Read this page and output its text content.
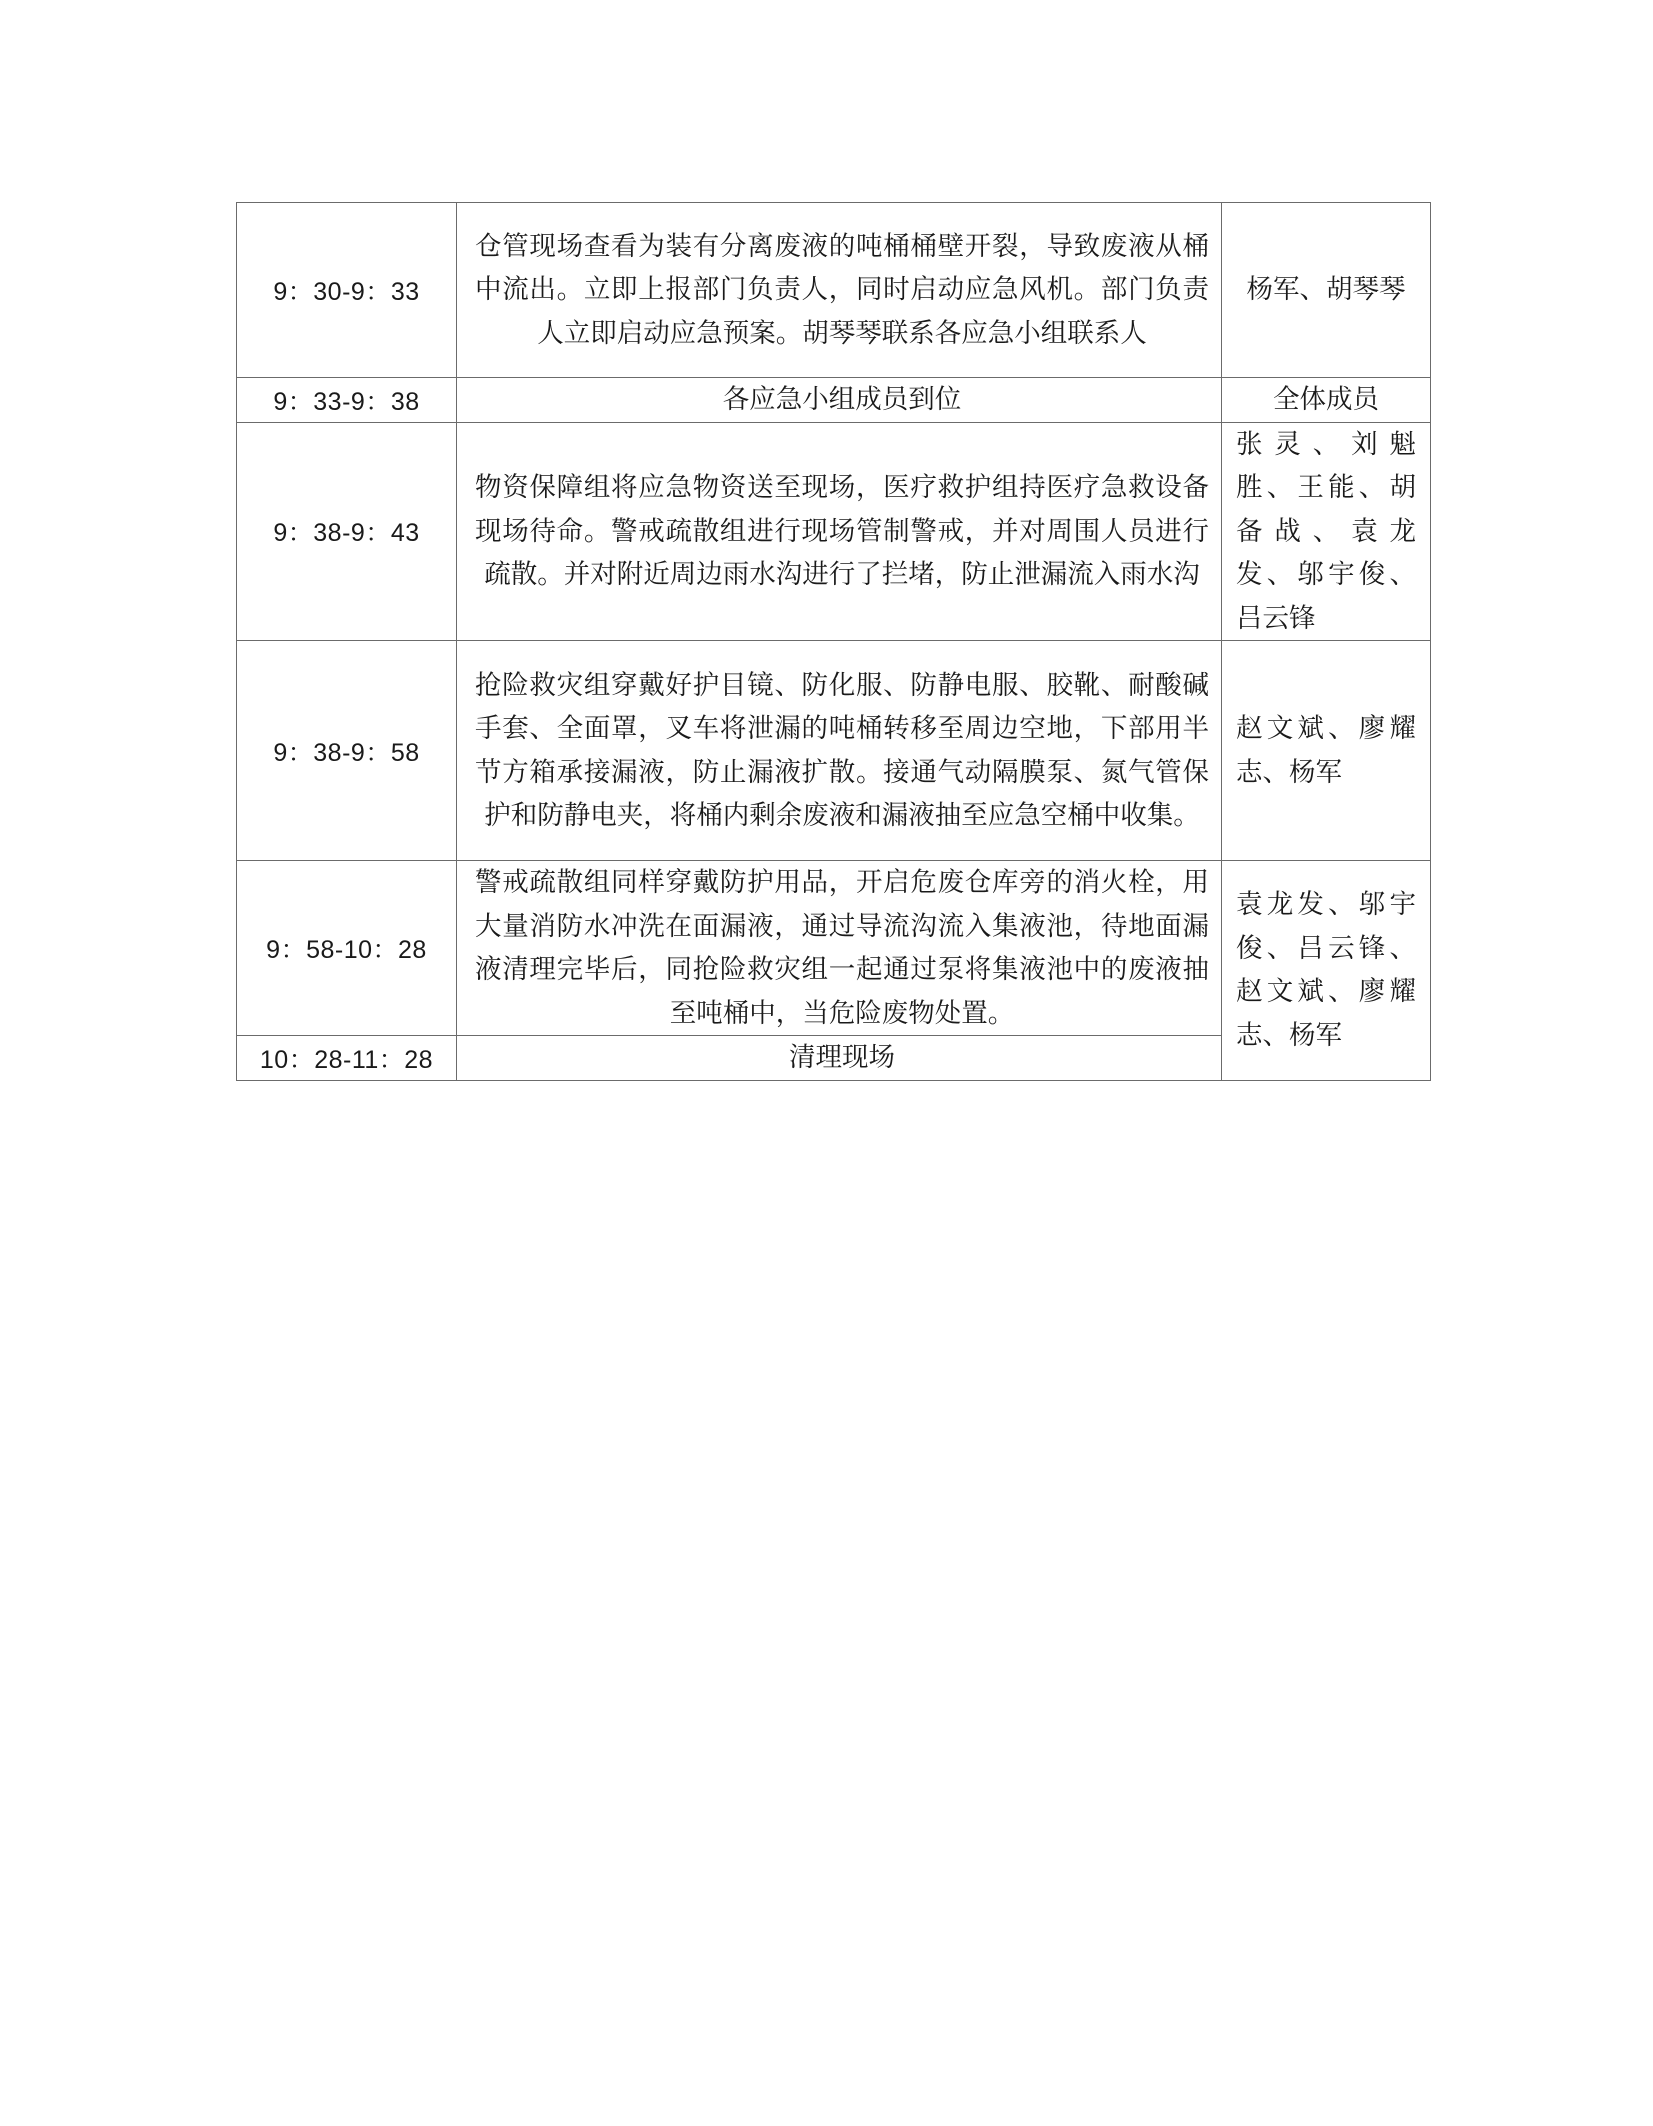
9：30-9：33	仓管现场查看为装有分离废液的吨桶桶壁开裂，导致废液从桶中流出。立即上报部门负责人，同时启动应急风机。部门负责人立即启动应急预案。胡琴琴联系各应急小组联系人	杨军、胡琴琴
9：33-9：38	各应急小组成员到位	全体成员
9：38-9：43	物资保障组将应急物资送至现场，医疗救护组持医疗急救设备现场待命。警戒疏散组进行现场管制警戒，并对周围人员进行疏散。并对附近周边雨水沟进行了拦堵，防止泄漏流入雨水沟	张灵、刘魁胜、王能、胡备战、袁龙发、邬宇俊、吕云锋
9：38-9：58	抢险救灾组穿戴好护目镜、防化服、防静电服、胶靴、耐酸碱手套、全面罩，叉车将泄漏的吨桶转移至周边空地，下部用半节方箱承接漏液，防止漏液扩散。接通气动隔膜泵、氮气管保护和防静电夹，将桶内剩余废液和漏液抽至应急空桶中收集。	赵文斌、廖耀志、杨军
9：58-10：28	警戒疏散组同样穿戴防护用品，开启危废仓库旁的消火栓，用大量消防水冲洗在面漏液，通过导流沟流入集液池，待地面漏液清理完毕后，同抢险救灾组一起通过泵将集液池中的废液抽至吨桶中，当危险废物处置。	袁龙发、邬宇俊、吕云锋、赵文斌、廖耀志、杨军
10：28-11：28	清理现场	
